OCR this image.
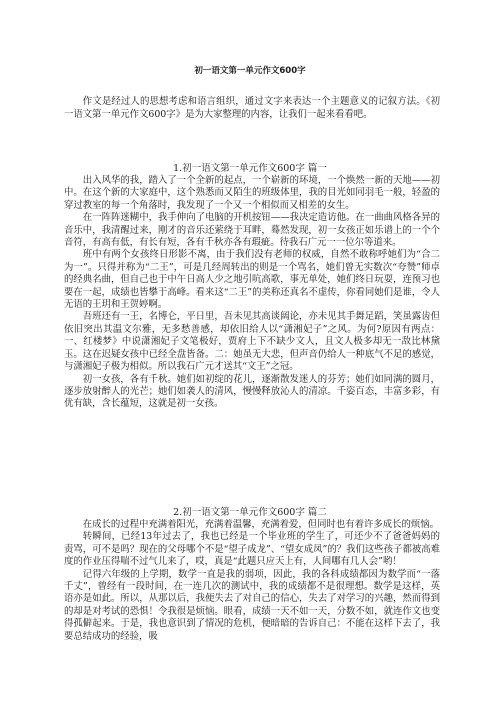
初一语文第一单元作文600字
作文是经过人的思想考虑和语言组织，通过文字来表达一个主题意义的记叙方法。《初一语文第一单元作文600字》是为大家整理的内容，让我们一起来看看吧。
1.初一语文第一单元作文600字 篇一

出入风华的我，踏入了一个全新的起点，一个崭新的环境，一个焕然一新的天地——初中。在这个新的大家庭中，这个熟悉而又陌生的班级体里，我的目光如同羽毛一般，轻盈的穿过教室的每一个角落时，我发现了一个又一个相似而又相差的女生。

在一阵阵迷糊中，我手伸向了电脑的开机按钮——我决定造访他。在一曲曲风格各异的音乐中，我清醒过来，刚才的音乐还萦绕于耳畔，蓦然发现，初一女孩正如乐谱上的一个个音符，有高有低，有长有短，各有千秋亦各有瑕疵。待我石广元一一位尔等道来。

班中有两个女孩终日形影不离，由于我们没有老师的权威，自然不敢称呼她们为“合二为一”。只得并称为“二王”，可是几经周转出的则是一个骂名，她们曾无实数次“夸赞”师卓的经典名曲，但自己也于中午日高人少之地引吭高歌，事无单处，她们终日玩耍，连预习也要在一起，成绩也皆攀于高峰。看来这“二王”的美称还真名不虚传，你看同她们是谁，令人无语的王玥和王贺婷啊。

吾班还有一王，名博仑，平日里，吾未见其高谈阔论，亦未见其手舞足蹈，笑虽露齿但依旧突出其温文尔雅，无多愁善感，却依旧给人以“潇湘妃子”之风。为何?原因有两点：一、红楼梦》中说潇湘妃子文笔极好，贾府上下不缺少文人，且文人极多却无一敌比林黛玉。这在迟疑女孩中已经全盘皆备。二：她虽无大悲，但声音仍给人一种底气不足的感觉，与潇湘妃子极为相似。所以我石广元才送其“文王”之冠。

初一女孩，各有千秋。她们如初绽的花儿，逐渐散发迷人的芬芳；她们如同满的圆月，逐步放射醉人的光芒；她们如袭人的清风，慢慢释放沁人的清凉。千姿百态，丰富多彩，有优有缺，含长蕴短，这就是初一女孩。

2.初一语文第一单元作文600字 篇二

在成长的过程中充满着阳光，充满着温馨，充满着爱，但同时也有着许多成长的烦恼。

转瞬间，已经13年过去了，我也已经是一个毕业班的学生了，可还少不了爸爸妈妈的责骂，可不是吗？现在的父母哪个不是“望子成龙”、“望女成凤”的？我们这些孩子都被高难度的作业压得喘不过气儿来了，哎，真是“此题只应天上有，人间哪有几人会”哟！

记得六年级的上学期，数学一直是我的弱项，因此，我的各科成绩都因为数学而“一落千丈”，曾经有一段时间，在一连几次的测试中，我的成绩都不是很理想。数学是这样，英语亦是如此。所以，从那以后，我便失去了对自己的信心，失去了对学习的兴趣，然而得到的却是对考试的恐惧！令我很是烦恼。眼看，成绩一天不如一天，分数不如，就连作文也变得孤僻起来。于是，我也意识到了情况的危机，便暗暗的告诉自己：不能在这样下去了，我要总结成功的经验，吸
